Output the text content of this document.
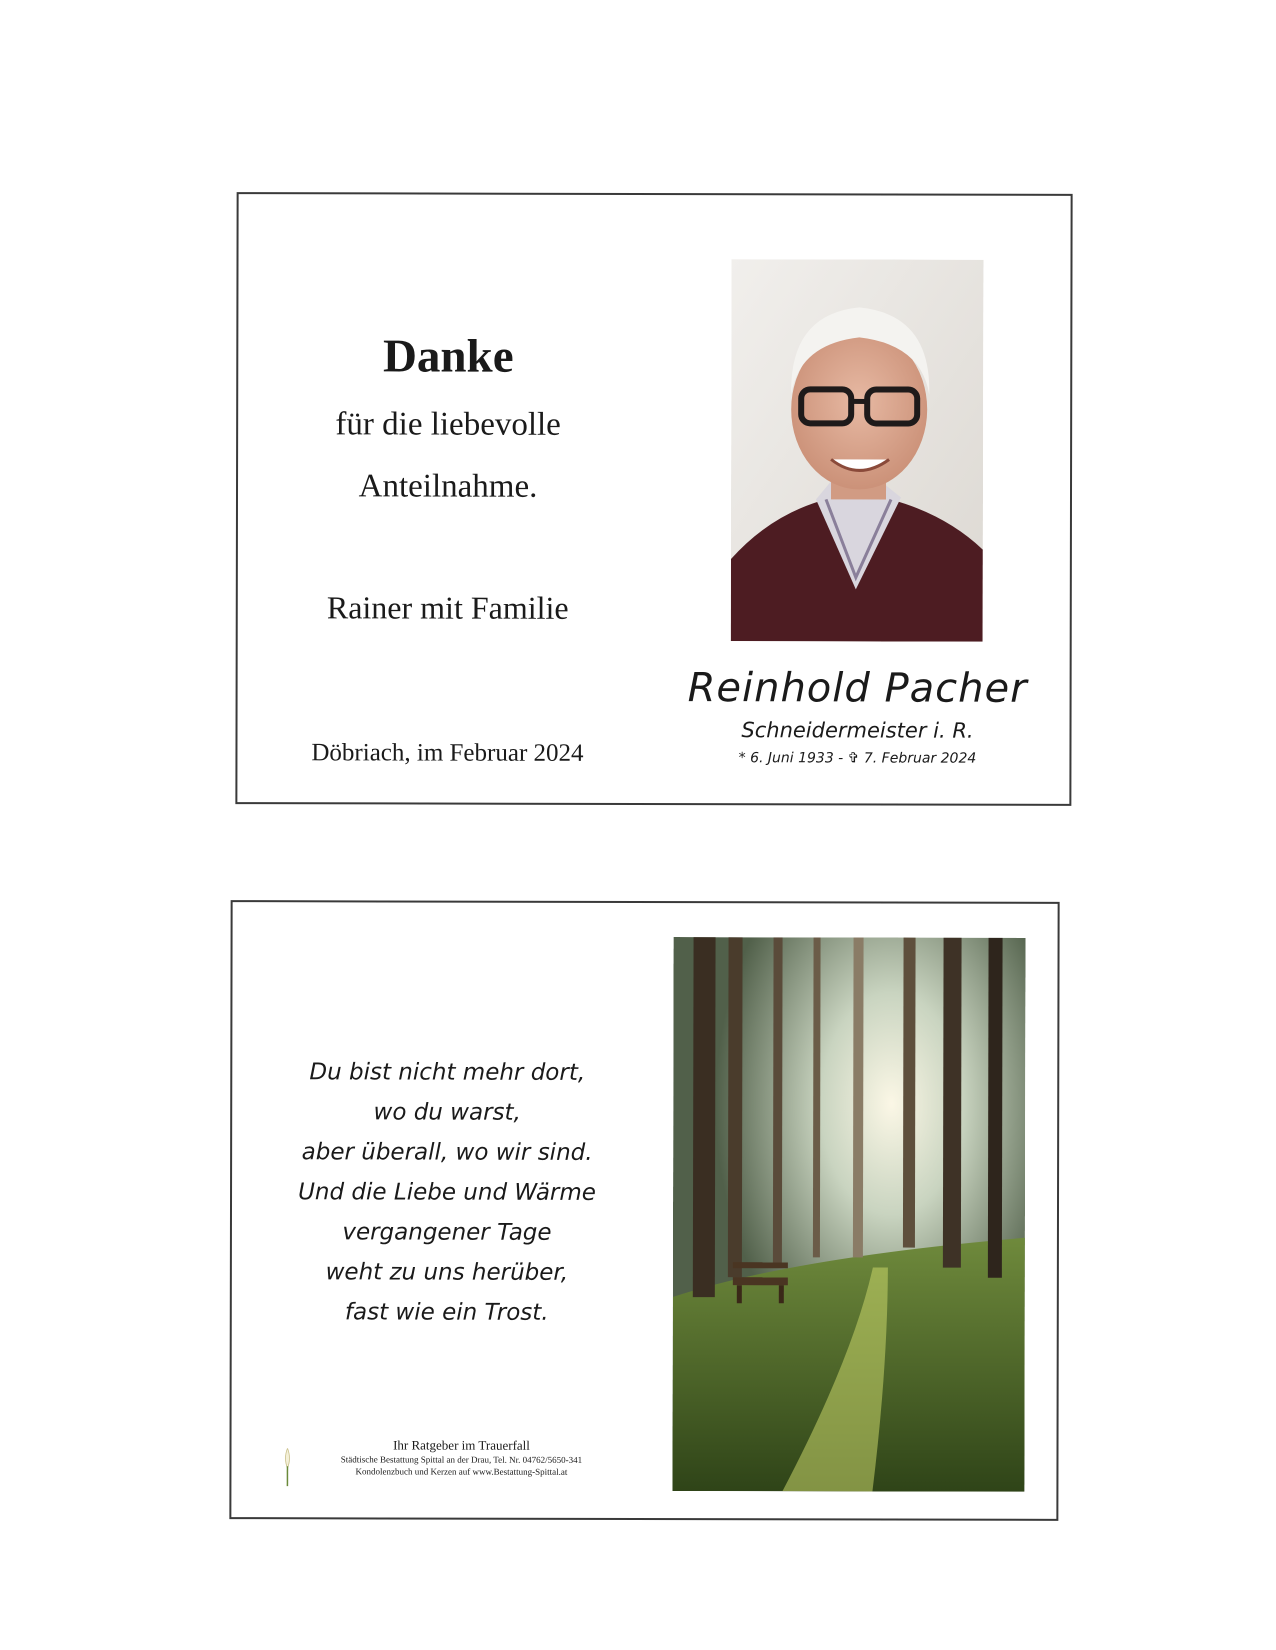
Danke
für die liebevolle
Anteilnahme.
Rainer mit Familie
Döbriach, im Februar 2024
Reinhold Pacher
Schneidermeister i. R.
* 6. Juni 1933 - ✞ 7. Februar 2024
Du bist nicht mehr dort,
wo du warst,
aber überall, wo wir sind.
Und die Liebe und Wärme
vergangener Tage
weht zu uns herüber,
fast wie ein Trost.
Ihr Ratgeber im Trauerfall
Städtische Bestattung Spittal an der Drau, Tel. Nr. 04762/5650-341
Kondolenzbuch und Kerzen auf www.Bestattung-Spittal.at
